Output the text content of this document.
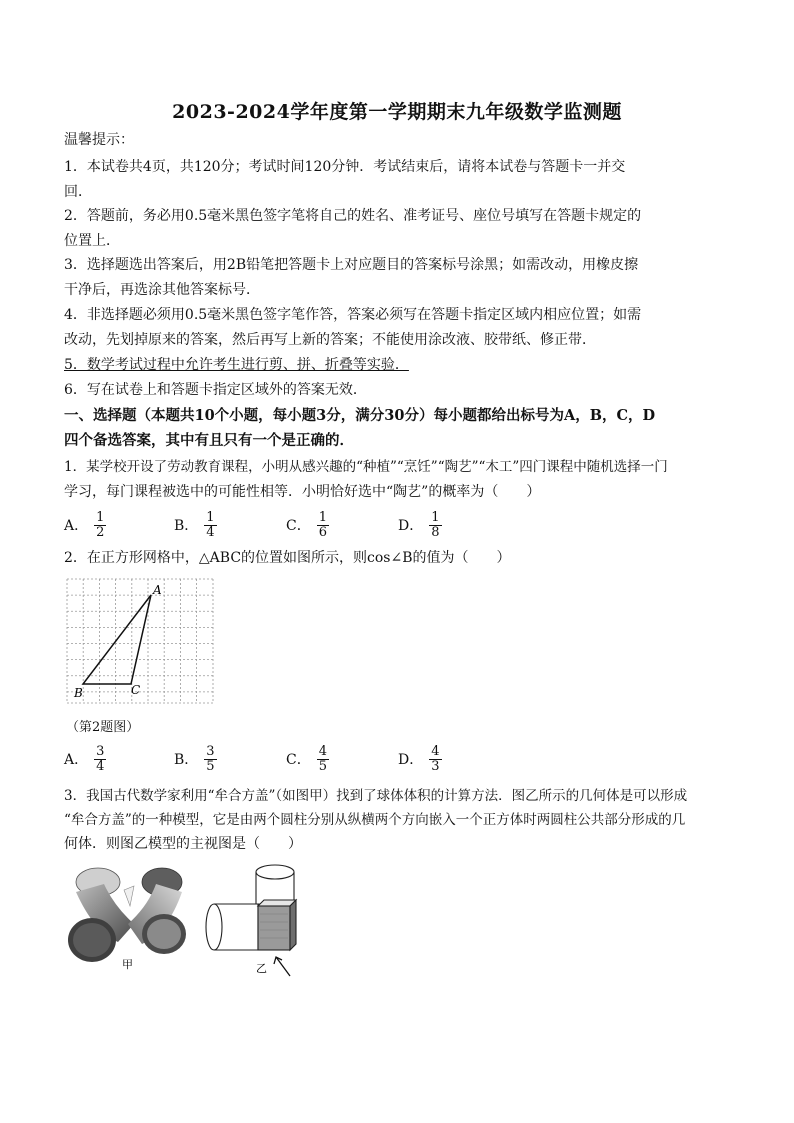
2023-2024学年度第一学期期末九年级数学监测题
温馨提示：
1．本试卷共4页，共120分；考试时间120分钟．考试结束后，请将本试卷与答题卡一并交
回．
2．答题前，务必用0.5毫米黑色签字笔将自己的姓名、准考证号、座位号填写在答题卡规定的
位置上．
3．选择题选出答案后，用2B铅笔把答题卡上对应题目的答案标号涂黑；如需改动，用橡皮擦
干净后，再选涂其他答案标号．
4．非选择题必须用0.5毫米黑色签字笔作答，答案必须写在答题卡指定区域内相应位置；如需
改动，先划掉原来的答案，然后再写上新的答案；不能使用涂改液、胶带纸、修正带．
5．数学考试过程中允许考生进行剪、拼、折叠等实验．
6．写在试卷上和答题卡指定区域外的答案无效．
一、选择题（本题共10个小题，每小题3分，满分30分）每小题都给出标号为A，B，C，D
四个备选答案，其中有且只有一个是正确的．
1．某学校开设了劳动教育课程，小明从感兴趣的“种植”“烹饪”“陶艺”“木工”四门课程中随机选择一门
学习，每门课程被选中的可能性相等．小明恰好选中“陶艺”的概率为（　　）
A． $\frac{1}{2}$	B． $\frac{1}{4}$	C． $\frac{1}{6}$	D． $\frac{1}{8}$
2．在正方形网格中，△ABC的位置如图所示，则cos∠B的值为（　　）
A
B	C
（第2题图）
A． $\frac{3}{4}$	B． $\frac{3}{5}$	C． $\frac{4}{5}$	D． $\frac{4}{3}$
3．我国古代数学家利用“牟合方盖”（如图甲）找到了球体体积的计算方法．图乙所示的几何体是可以形成
“牟合方盖”的一种模型，它是由两个圆柱分别从纵横两个方向嵌入一个正方体时两圆柱公共部分形成的几
何体．则图乙模型的主视图是（　　）
甲	乙
